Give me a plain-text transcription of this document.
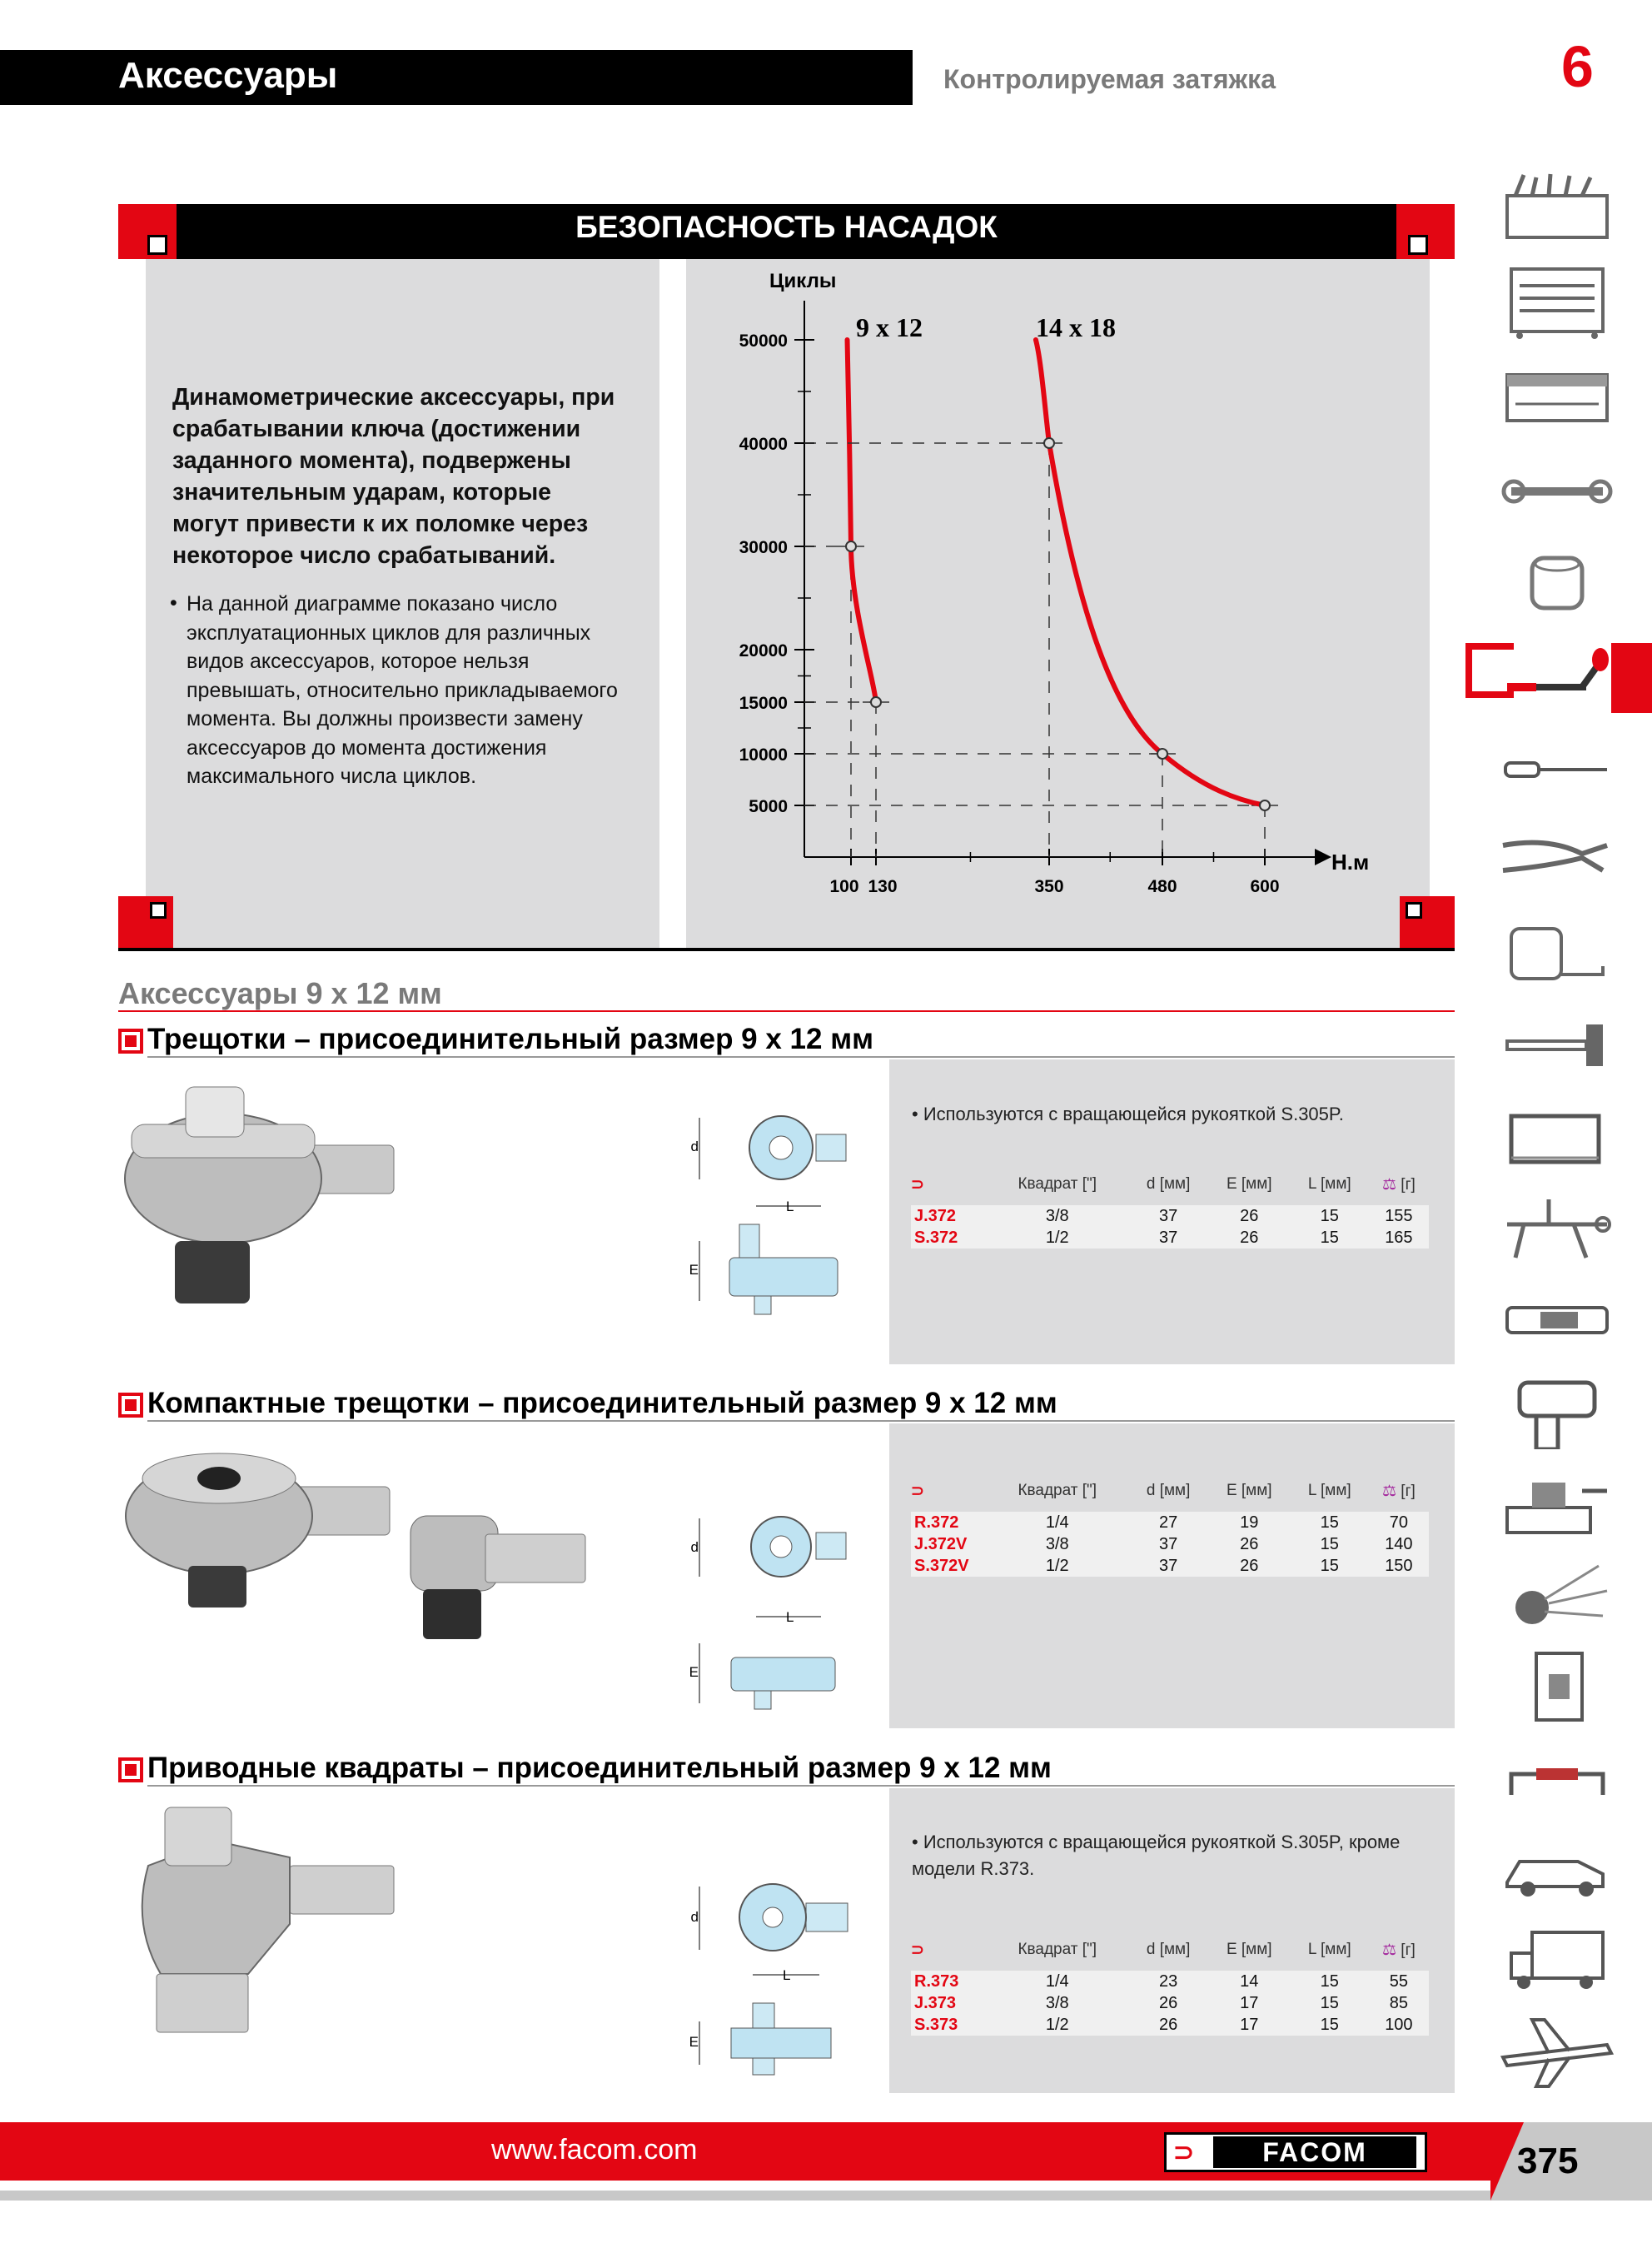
Аксессуары	Контролируемая затяжка	6
БЕЗОПАСНОСТЬ НАСАДОК
Динамометрические аксессуары, при срабатывании ключа (достижении заданного момента), подвержены значительным ударам, которые могут привести к их поломке через некоторое число срабатываний.
• На данной диаграмме показано число эксплуатационных циклов для различных видов аксессуаров, которое нельзя превышать, относительно прикладываемого момента. Вы должны произвести замену аксессуаров до момента достижения максимального числа циклов.
Циклы
Н.м
5000
10000
15000
20000
30000
40000
50000
100 130	350	480	600
9 x 12	14 x 18
Аксессуары 9 x 12 мм
Трещотки – присоединительный размер 9 x 12 мм
d
L
E
• Используются с вращающейся рукояткой S.305P.
⊃	Квадрат ["]	d [мм]	E [мм]	L [мм]	⚖ [г]
J.372	3/8	37	26	15	155
S.372	1/2	37	26	15	165
Компактные трещотки – присоединительный размер 9 x 12 мм
d
L
E
⊃	Квадрат ["]	d [мм]	E [мм]	L [мм]	⚖ [г]
R.372	1/4	27	19	15	70
J.372V	3/8	37	26	15	140
S.372V	1/2	37	26	15	150
Приводные квадраты – присоединительный размер 9 x 12 мм
d
L
E
• Используются с вращающейся рукояткой S.305P, кроме модели R.373.
⊃	Квадрат ["]	d [мм]	E [мм]	L [мм]	⚖ [г]
R.373	1/4	23	14	15	55
J.373	3/8	26	17	15	85
S.373	1/2	26	17	15	100
www.facom.com	⊃	FACOM	375
